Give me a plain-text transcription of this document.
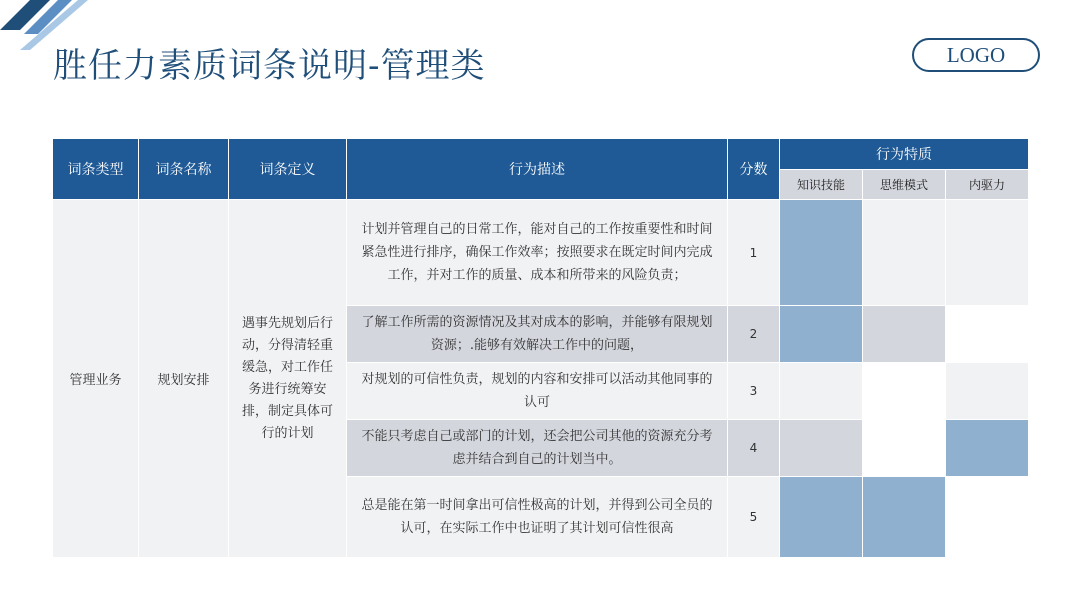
胜任力素质词条说明-管理类	LOGO
词条类型	词条名称	词条定义	行为描述	分数	行为特质		
					知识技能	思维模式	内驱力
管理业务	规划安排	遇事先规划后行动，分得清轻重缓急，对工作任务进行统筹安排，制定具体可行的计划	计划并管理自己的日常工作，能对自己的工作按重要性和时间紧急性进行排序，确保工作效率；按照要求在既定时间内完成工作，并对工作的质量、成本和所带来的风险负责；	1			
			了解工作所需的资源情况及其对成本的影响，并能够有限规划资源；.能够有效解决工作中的问题，	2			
			对规划的可信性负责，规划的内容和安排可以活动其他同事的认可	3			
			不能只考虑自己或部门的计划，还会把公司其他的资源充分考虑并结合到自己的计划当中。	4			
			总是能在第一时间拿出可信性极高的计划，并得到公司全员的认可，在实际工作中也证明了其计划可信性很高	5			
